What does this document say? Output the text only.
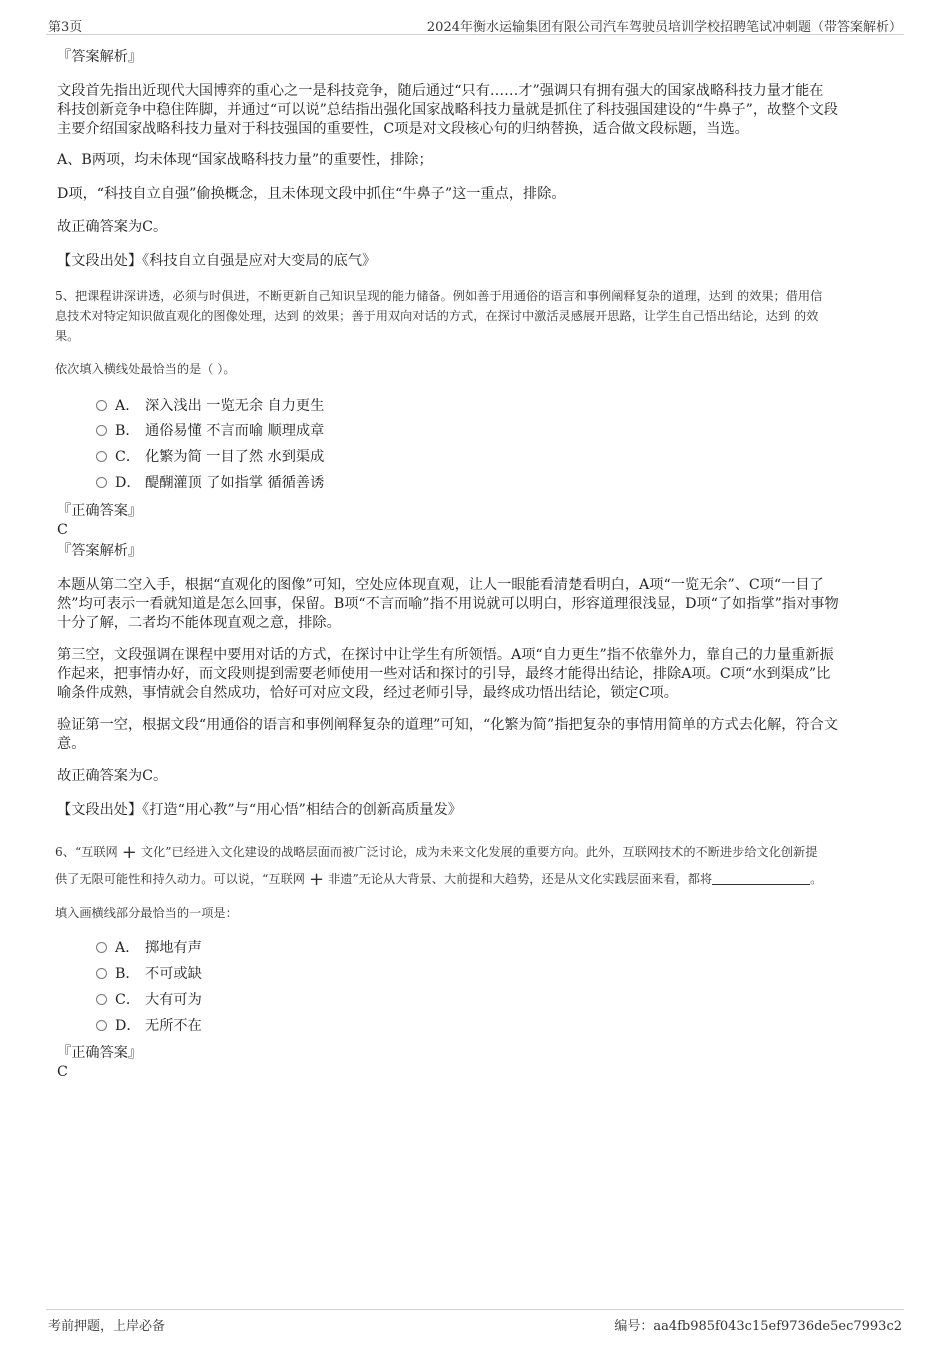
第3页	2024年衡水运输集团有限公司汽车驾驶员培训学校招聘笔试冲刺题（带答案解析）
『答案解析』
文段首先指出近现代大国博弈的重心之一是科技竞争，随后通过“只有……才”强调只有拥有强大的国家战略科技力量才能在
科技创新竞争中稳住阵脚，并通过“可以说”总结指出强化国家战略科技力量就是抓住了科技强国建设的“牛鼻子”，故整个文段
主要介绍国家战略科技力量对于科技强国的重要性，C项是对文段核心句的归纳替换，适合做文段标题，当选。
A、B两项，均未体现“国家战略科技力量”的重要性，排除；
D项，“科技自立自强”偷换概念，且未体现文段中抓住“牛鼻子”这一重点，排除。
故正确答案为C。
【文段出处】《科技自立自强是应对大变局的底气》
5、把课程讲深讲透，必须与时俱进，不断更新自己知识呈现的能力储备。例如善于用通俗的语言和事例阐释复杂的道理，达到 的效果；借用信
息技术对特定知识做直观化的图像处理，达到 的效果；善于用双向对话的方式，在探讨中激活灵感展开思路，让学生自己悟出结论，达到 的效
果。
依次填入横线处最恰当的是（ ）。
A． 深入浅出 一览无余 自力更生
B． 通俗易懂 不言而喻 顺理成章
C． 化繁为简 一目了然 水到渠成
D． 醍醐灌顶 了如指掌 循循善诱
『正确答案』
C
『答案解析』
本题从第二空入手，根据“直观化的图像”可知，空处应体现直观，让人一眼能看清楚看明白，A项“一览无余”、C项“一目了
然”均可表示一看就知道是怎么回事，保留。B项“不言而喻”指不用说就可以明白，形容道理很浅显，D项“了如指掌”指对事物
十分了解，二者均不能体现直观之意，排除。
第三空，文段强调在课程中要用对话的方式，在探讨中让学生有所领悟。A项“自力更生”指不依靠外力，靠自己的力量重新振
作起来，把事情办好，而文段则提到需要老师使用一些对话和探讨的引导，最终才能得出结论，排除A项。C项“水到渠成”比
喻条件成熟，事情就会自然成功，恰好可对应文段，经过老师引导，最终成功悟出结论，锁定C项。
验证第一空，根据文段“用通俗的语言和事例阐释复杂的道理”可知，“化繁为简”指把复杂的事情用简单的方式去化解，符合文
意。
故正确答案为C。
【文段出处】《打造“用心教”与“用心悟”相结合的创新高质量发》
6、“互联网 + 文化”已经进入文化建设的战略层面而被广泛讨论，成为未来文化发展的重要方向。此外，互联网技术的不断进步给文化创新提
供了无限可能性和持久动力。可以说，“互联网 + 非遗”无论从大背景、大前提和大趋势，还是从文化实践层面来看，都将	。
填入画横线部分最恰当的一项是：
A． 掷地有声
B． 不可或缺
C． 大有可为
D． 无所不在
『正确答案』
C
考前押题，上岸必备	编号：aa4fb985f043c15ef9736de5ec7993c2
